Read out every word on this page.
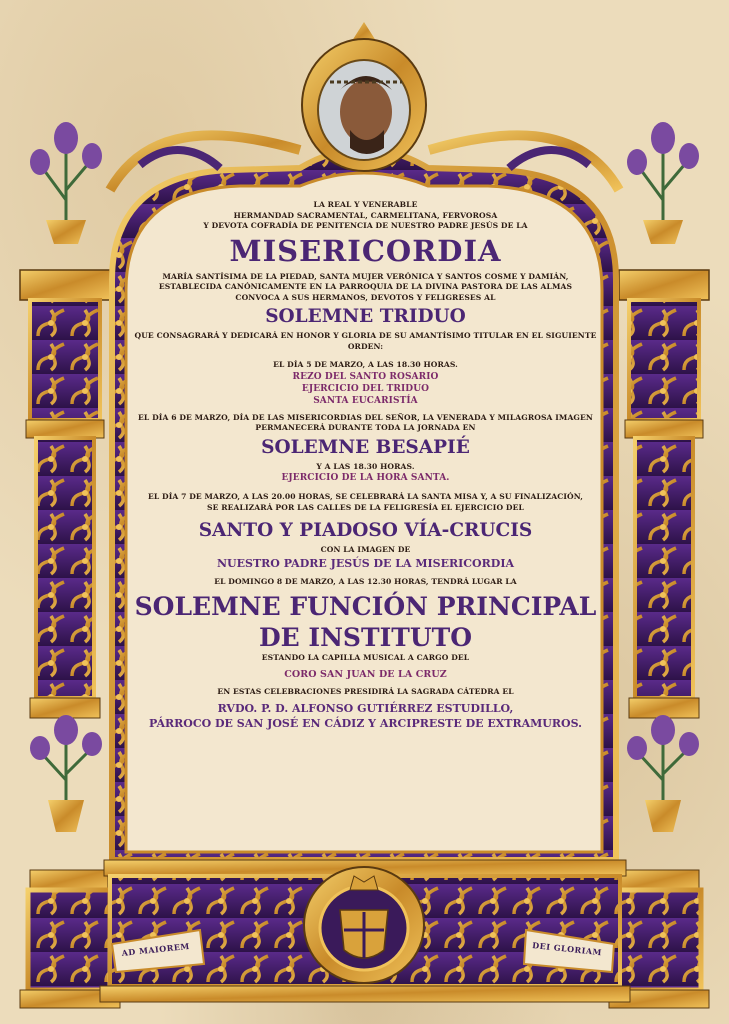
AD MAIOREM	DEI GLORIAM

LA REAL Y VENERABLE

HERMANDAD SACRAMENTAL, CARMELITANA, FERVOROSA

Y DEVOTA COFRADÍA DE PENITENCIA DE NUESTRO PADRE JESÚS DE LA

MISERICORDIA

MARÍA SANTÍSIMA DE LA PIEDAD, SANTA MUJER VERÓNICA Y SANTOS COSME Y DAMIÁN,

ESTABLECIDA CANÓNICAMENTE EN LA PARROQUIA DE LA DIVINA PASTORA DE LAS ALMAS

CONVOCA A SUS HERMANOS, DEVOTOS Y FELIGRESES AL

SOLEMNE TRIDUO

QUE CONSAGRARÁ Y DEDICARÁ EN HONOR Y GLORIA DE SU AMANTÍSIMO TITULAR EN EL SIGUIENTE ORDEN:

EL DÍA 5 DE MARZO, A LAS 18.30 HORAS.

REZO DEL SANTO ROSARIO

EJERCICIO DEL TRIDUO

SANTA EUCARISTÍA

EL DÍA 6 DE MARZO, DÍA DE LAS MISERICORDIAS DEL SEÑOR, LA VENERADA Y MILAGROSA IMAGEN

PERMANECERÁ DURANTE TODA LA JORNADA EN

SOLEMNE BESAPIÉ

Y A LAS 18.30 HORAS.

EJERCICIO DE LA HORA SANTA.

EL DÍA 7 DE MARZO, A LAS 20.00 HORAS, SE CELEBRARÁ LA SANTA MISA Y, A SU FINALIZACIÓN,

SE REALIZARÁ POR LAS CALLES DE LA FELIGRESÍA EL EJERCICIO DEL

SANTO Y PIADOSO VÍA-CRUCIS

CON LA IMAGEN DE

NUESTRO PADRE JESÚS DE LA MISERICORDIA

EL DOMINGO 8 DE MARZO, A LAS 12.30 HORAS, TENDRÁ LUGAR LA

SOLEMNE FUNCIÓN PRINCIPAL
DE INSTITUTO

ESTANDO LA CAPILLA MUSICAL A CARGO DEL

CORO SAN JUAN DE LA CRUZ

EN ESTAS CELEBRACIONES PRESIDIRÁ LA SAGRADA CÁTEDRA EL

RVDO. P. D. ALFONSO GUTIÉRREZ ESTUDILLO,
PÁRROCO DE SAN JOSÉ EN CÁDIZ Y ARCIPRESTE DE EXTRAMUROS.
